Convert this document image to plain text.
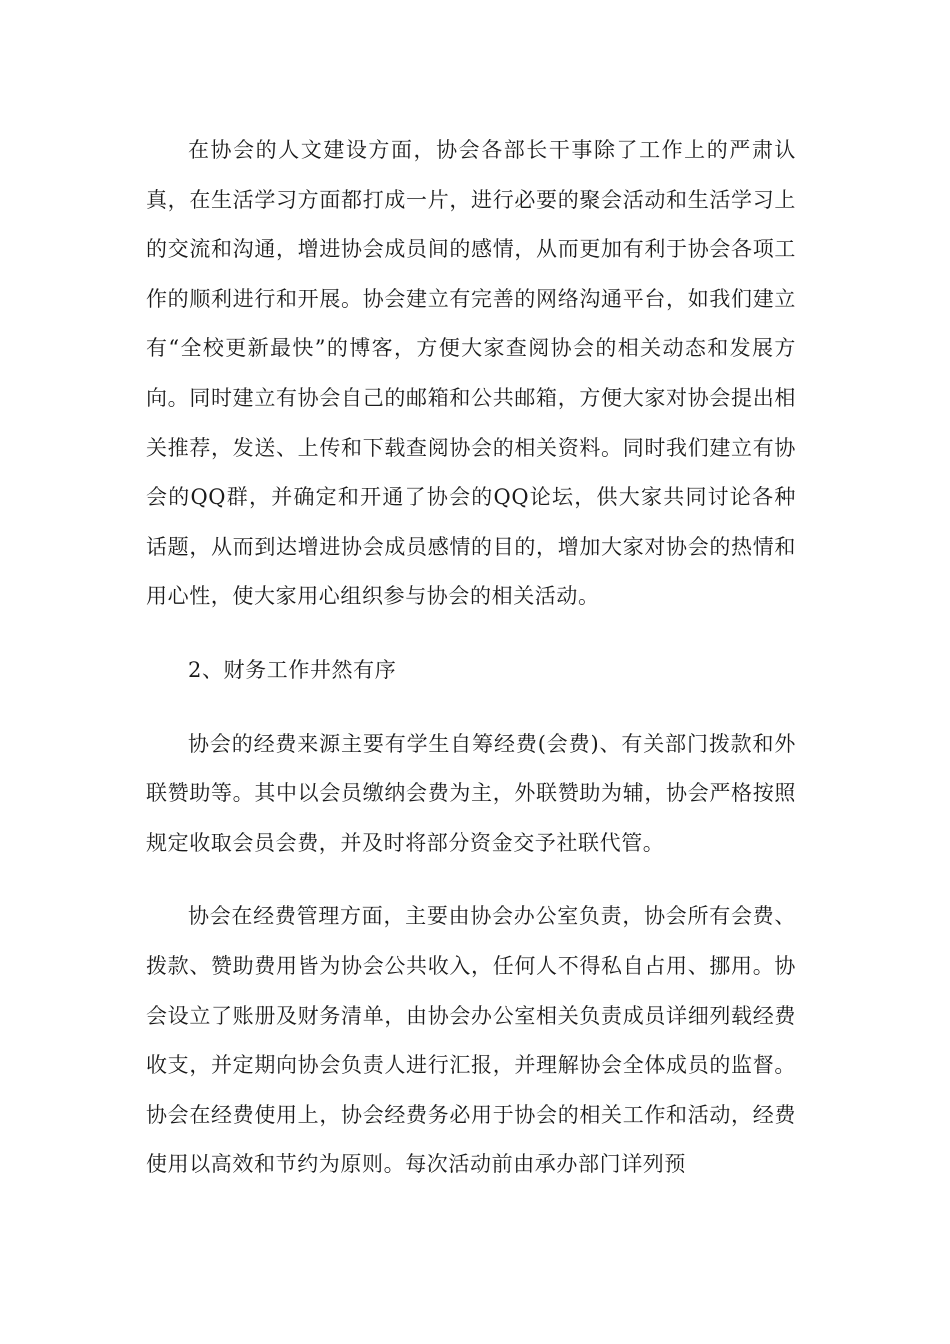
在协会的人文建设方面，协会各部长干事除了工作上的严肃认真，在生活学习方面都打成一片，进行必要的聚会活动和生活学习上的交流和沟通，增进协会成员间的感情，从而更加有利于协会各项工作的顺利进行和开展。协会建立有完善的网络沟通平台，如我们建立有“全校更新最快”的博客，方便大家查阅协会的相关动态和发展方向。同时建立有协会自己的邮箱和公共邮箱，方便大家对协会提出相关推荐，发送、上传和下载查阅协会的相关资料。同时我们建立有协会的QQ群，并确定和开通了协会的QQ论坛，供大家共同讨论各种话题，从而到达增进协会成员感情的目的，增加大家对协会的热情和用心性，使大家用心组织参与协会的相关活动。

2、财务工作井然有序

协会的经费来源主要有学生自筹经费(会费)、有关部门拨款和外联赞助等。其中以会员缴纳会费为主，外联赞助为辅，协会严格按照规定收取会员会费，并及时将部分资金交予社联代管。

协会在经费管理方面，主要由协会办公室负责，协会所有会费、拨款、赞助费用皆为协会公共收入，任何人不得私自占用、挪用。协会设立了账册及财务清单，由协会办公室相关负责成员详细列载经费收支，并定期向协会负责人进行汇报，并理解协会全体成员的监督。协会在经费使用上，协会经费务必用于协会的相关工作和活动，经费使用以高效和节约为原则。每次活动前由承办部门详列预
